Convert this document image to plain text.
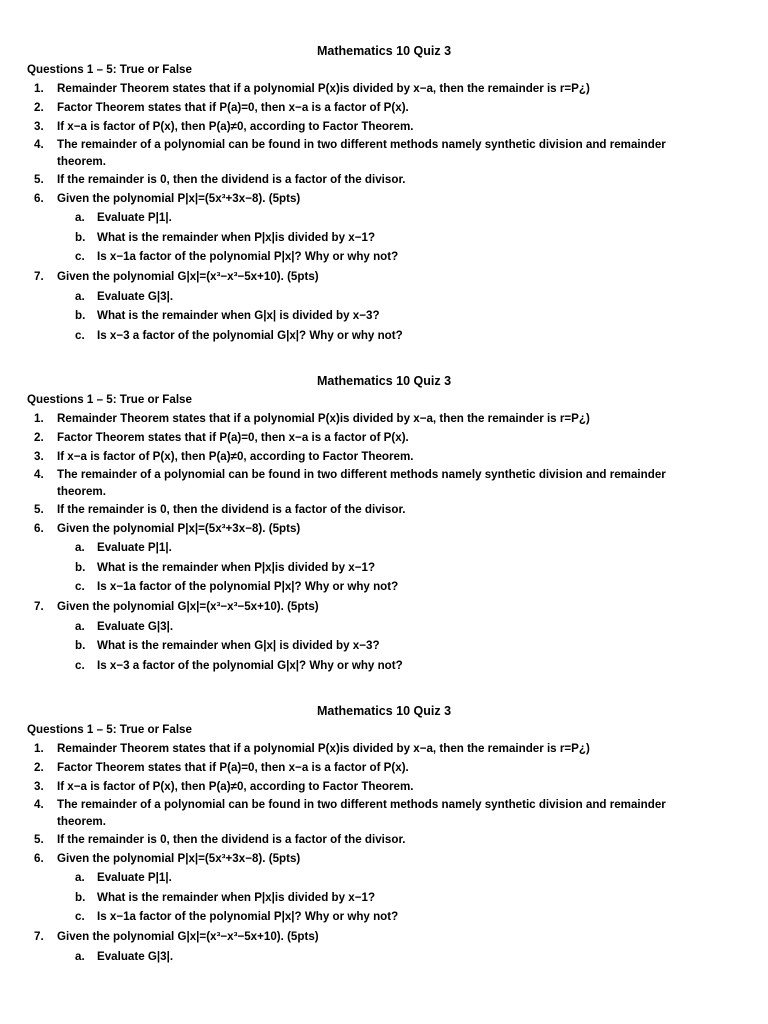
Mathematics 10 Quiz 3
Questions 1 – 5: True or False
1. Remainder Theorem states that if a polynomial P(x)is divided by x−a, then the remainder is r=P¿)
2. Factor Theorem states that if P(a)=0, then x−a is a factor of P(x).
3. If x−a is factor of P(x), then P(a)≠0, according to Factor Theorem.
4. The remainder of a polynomial can be found in two different methods namely synthetic division and remainder
theorem.
5. If the remainder is 0, then the dividend is a factor of the divisor.
6. Given the polynomial P|x|=(5x³+3x−8). (5pts)
a. Evaluate P|1|.
b. What is the remainder when P|x|is divided by x−1?
c. Is x−1a factor of the polynomial P|x|? Why or why not?
7. Given the polynomial G|x|=(x³−x³−5x+10). (5pts)
a. Evaluate G|3|.
b. What is the remainder when G|x| is divided by x−3?
c. Is x−3 a factor of the polynomial G|x|? Why or why not?
Mathematics 10 Quiz 3
Questions 1 – 5: True or False
1. Remainder Theorem states that if a polynomial P(x)is divided by x−a, then the remainder is r=P¿)
2. Factor Theorem states that if P(a)=0, then x−a is a factor of P(x).
3. If x−a is factor of P(x), then P(a)≠0, according to Factor Theorem.
4. The remainder of a polynomial can be found in two different methods namely synthetic division and remainder
theorem.
5. If the remainder is 0, then the dividend is a factor of the divisor.
6. Given the polynomial P|x|=(5x³+3x−8). (5pts)
a. Evaluate P|1|.
b. What is the remainder when P|x|is divided by x−1?
c. Is x−1a factor of the polynomial P|x|? Why or why not?
7. Given the polynomial G|x|=(x³−x³−5x+10). (5pts)
a. Evaluate G|3|.
b. What is the remainder when G|x| is divided by x−3?
c. Is x−3 a factor of the polynomial G|x|? Why or why not?
Mathematics 10 Quiz 3
Questions 1 – 5: True or False
1. Remainder Theorem states that if a polynomial P(x)is divided by x−a, then the remainder is r=P¿)
2. Factor Theorem states that if P(a)=0, then x−a is a factor of P(x).
3. If x−a is factor of P(x), then P(a)≠0, according to Factor Theorem.
4. The remainder of a polynomial can be found in two different methods namely synthetic division and remainder
theorem.
5. If the remainder is 0, then the dividend is a factor of the divisor.
6. Given the polynomial P|x|=(5x³+3x−8). (5pts)
a. Evaluate P|1|.
b. What is the remainder when P|x|is divided by x−1?
c. Is x−1a factor of the polynomial P|x|? Why or why not?
7. Given the polynomial G|x|=(x³−x³−5x+10). (5pts)
a. Evaluate G|3|.
